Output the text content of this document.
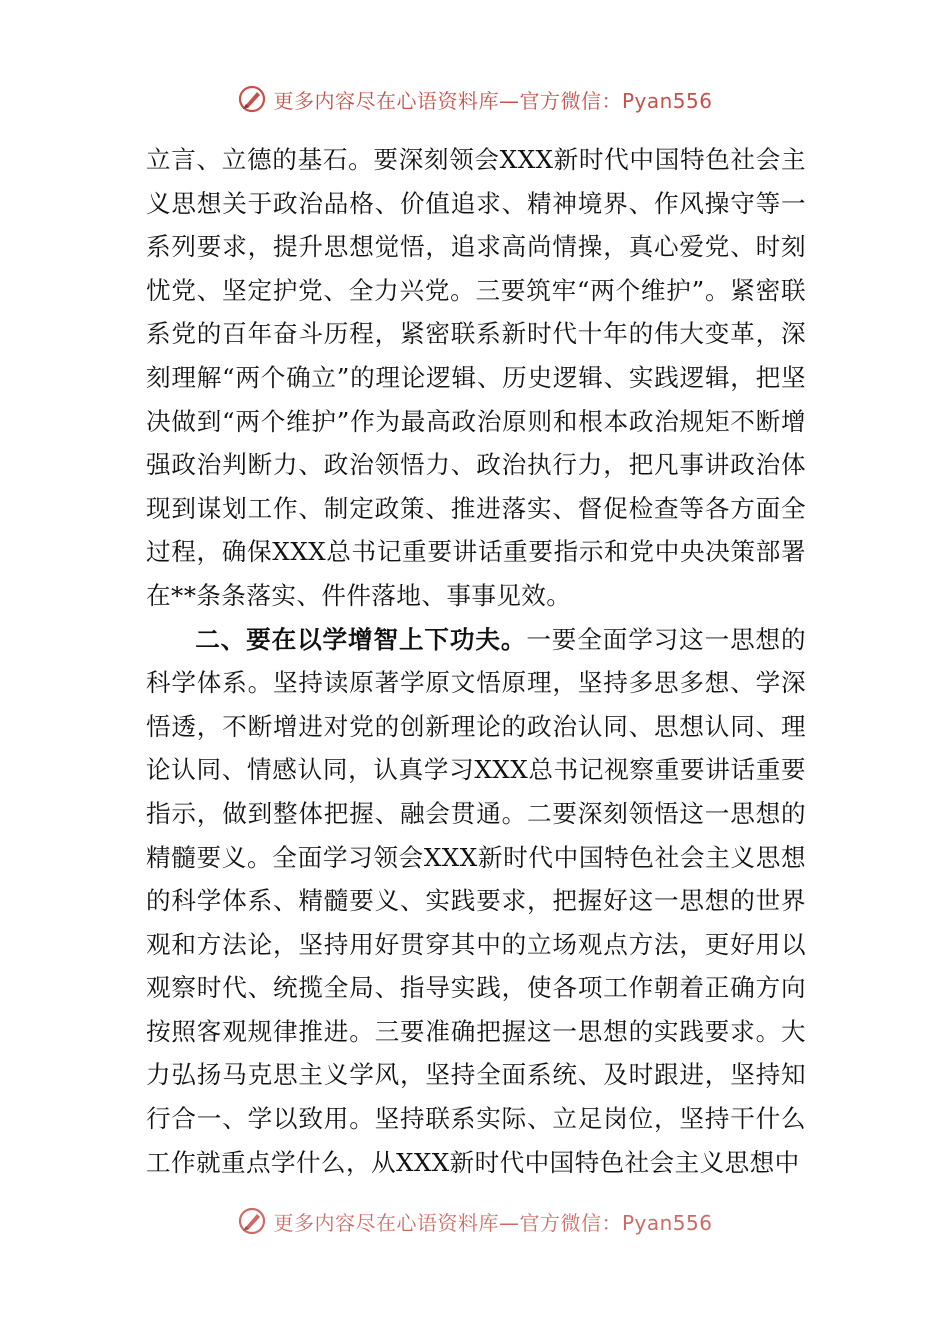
更多内容尽在心语资料库—官方微信：Pyan556

立言、立德的基石。要深刻领会XXX新时代中国特色社会主义思想关于政治品格、价值追求、精神境界、作风操守等一系列要求，提升思想觉悟，追求高尚情操，真心爱党、时刻忧党、坚定护党、全力兴党。三要筑牢“两个维护”。紧密联系党的百年奋斗历程，紧密联系新时代十年的伟大变革，深刻理解“两个确立”的理论逻辑、历史逻辑、实践逻辑，把坚决做到“两个维护”作为最高政治原则和根本政治规矩不断增强政治判断力、政治领悟力、政治执行力，把凡事讲政治体现到谋划工作、制定政策、推进落实、督促检查等各方面全过程，确保XXX总书记重要讲话重要指示和党中央决策部署在**条条落实、件件落地、事事见效。

二、要在以学增智上下功夫。一要全面学习这一思想的科学体系。坚持读原著学原文悟原理，坚持多思多想、学深悟透，不断增进对党的创新理论的政治认同、思想认同、理论认同、情感认同，认真学习XXX总书记视察重要讲话重要指示，做到整体把握、融会贯通。二要深刻领悟这一思想的精髓要义。全面学习领会XXX新时代中国特色社会主义思想的科学体系、精髓要义、实践要求，把握好这一思想的世界观和方法论，坚持用好贯穿其中的立场观点方法，更好用以观察时代、统揽全局、指导实践，使各项工作朝着正确方向按照客观规律推进。三要准确把握这一思想的实践要求。大力弘扬马克思主义学风，坚持全面系统、及时跟进，坚持知行合一、学以致用。坚持联系实际、立足岗位，坚持干什么工作就重点学什么，从XXX新时代中国特色社会主义思想中

更多内容尽在心语资料库—官方微信：Pyan556
